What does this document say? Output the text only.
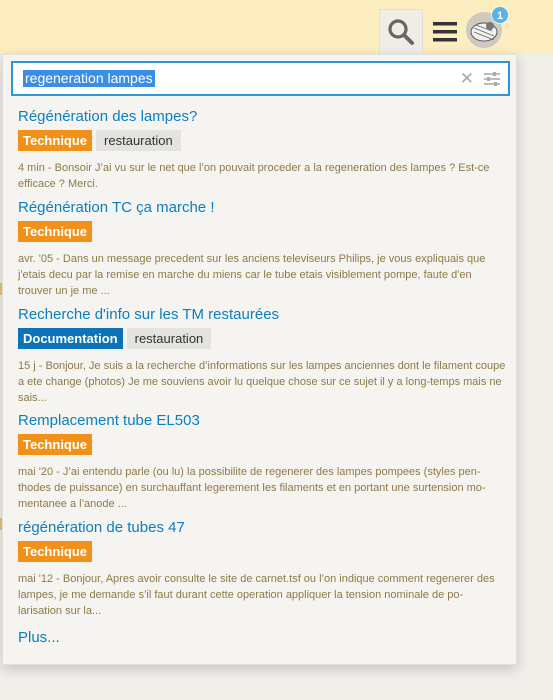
1
regeneration lampes	✕
Régénération des lampes?
Technique	restauration
4 min - Bonsoir J’ai vu sur le net que l’on pouvait proceder a la regeneration des lampes ? Est-ce efficace ? Merci.
Régénération TC ça marche !
Technique
avr. '05 - Dans un message precedent sur les anciens televiseurs Philips, je vous expliquais que j'etais decu par la remise en marche du miens car le tube etais visiblement pompe, faute d'en trouver un je me ...
Recherche d'info sur les TM restaurées
Documentation	restauration
15 j - Bonjour, Je suis a la recherche d’informations sur les lampes anciennes dont le filament coupe a ete change (photos) Je me souviens avoir lu quelque chose sur ce sujet il y a long-temps mais ne sais...
Remplacement tube EL503
Technique
mai '20 - J’ai entendu parle (ou lu) la possibilite de regenerer des lampes pompees (styles pen-thodes de puissance) en surchauffant legerement les filaments et en portant une surtension mo-mentanee a l’anode ...
régénération de tubes 47
Technique
mai '12 - Bonjour, Apres avoir consulte le site de carnet.tsf ou l’on indique comment regenerer des lampes, je me demande s’il faut durant cette operation appliquer la tension nominale de po-larisation sur la...
Plus...
